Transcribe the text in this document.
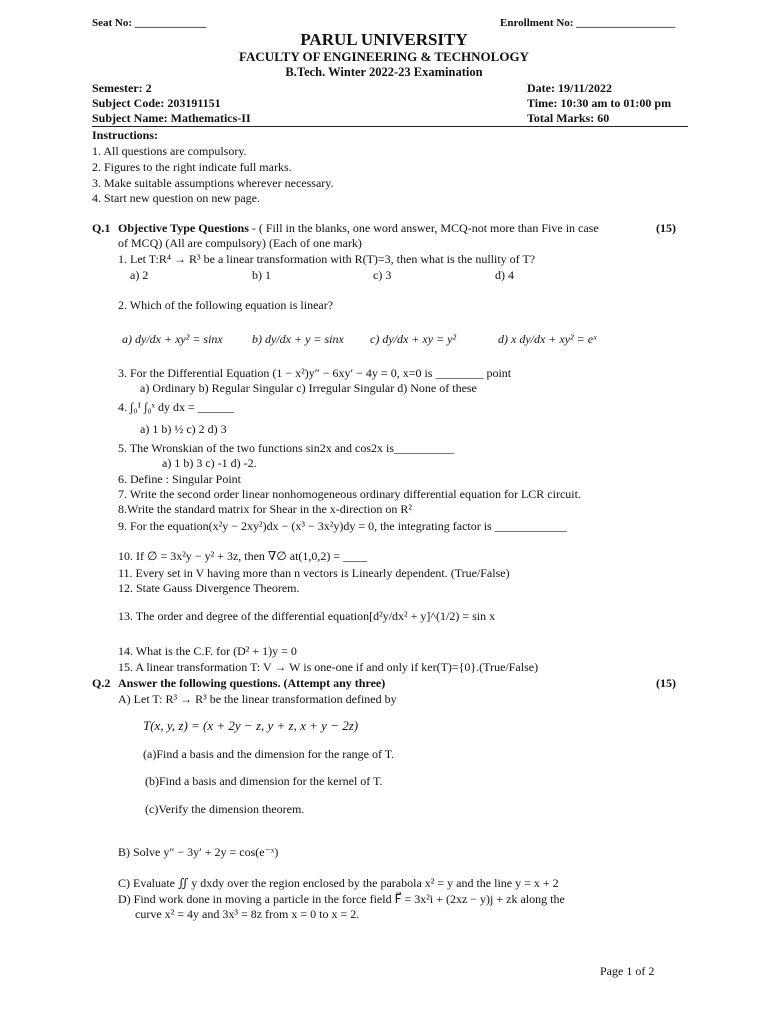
Seat No: _____________	Enrollment No: __________________
PARUL UNIVERSITY
FACULTY OF ENGINEERING & TECHNOLOGY
B.Tech. Winter 2022-23 Examination
Semester: 2
Subject Code: 203191151
Subject Name: Mathematics-II
Date: 19/11/2022
Time: 10:30 am to 01:00 pm
Total Marks: 60
Instructions:
1. All questions are compulsory.
2. Figures to the right indicate full marks.
3. Make suitable assumptions wherever necessary.
4. Start new question on new page.
Q.1 Objective Type Questions - ( Fill in the blanks, one word answer, MCQ-not more than Five in case	(15)
of MCQ) (All are compulsory) (Each of one mark)
1. Let T:R⁴ → R³ be a linear transformation with R(T)=3, then what is the nullity of T?
a) 2	b) 1	c) 3	d) 4
2. Which of the following equation is linear?
a) dy/dx + xy² = sinx b) dy/dx + y = sinx c) dy/dx + xy = y²	d) x dy/dx + xy² = eˣ
3. For the Differential Equation (1 − x²)y″ − 6xy′ − 4y = 0, x=0 is ________ point
a) Ordinary b) Regular Singular c) Irregular Singular d) None of these
4. ∫₀¹ ∫₀ˣ dy dx = ______
a) 1 b) ½ c) 2 d) 3
5. The Wronskian of the two functions sin2x and cos2x is__________
a) 1 b) 3 c) -1 d) -2.
6. Define : Singular Point
7. Write the second order linear nonhomogeneous ordinary differential equation for LCR circuit.
8.Write the standard matrix for Shear in the x-direction on R²
9. For the equation(x²y − 2xy²)dx − (x³ − 3x²y)dy = 0, the integrating factor is ____________
10. If ∅ = 3x²y − y² + 3z, then ∇∅ at(1,0,2) = ____
11. Every set in V having more than n vectors is Linearly dependent. (True/False)
12. State Gauss Divergence Theorem.
13. The order and degree of the differential equation[d²y/dx² + y]^(1/2) = sin x
14. What is the C.F. for (D² + 1)y = 0
15. A linear transformation T: V → W is one-one if and only if ker(T)={0}.(True/False)
Q.2 Answer the following questions. (Attempt any three)	(15)
A) Let T: R³ → R³ be the linear transformation defined by
T(x, y, z) = (x + 2y − z, y + z, x + y − 2z)
(a)Find a basis and the dimension for the range of T.
(b)Find a basis and dimension for the kernel of T.
(c)Verify the dimension theorem.
B) Solve y″ − 3y′ + 2y = cos(e⁻ˣ)
C) Evaluate ∬ y dxdy over the region enclosed by the parabola x² = y and the line y = x + 2
D) Find work done in moving a particle in the force field F⃗ = 3x²i + (2xz − y)j + zk along the
curve x² = 4y and 3x³ = 8z from x = 0 to x = 2.
Page 1 of 2
